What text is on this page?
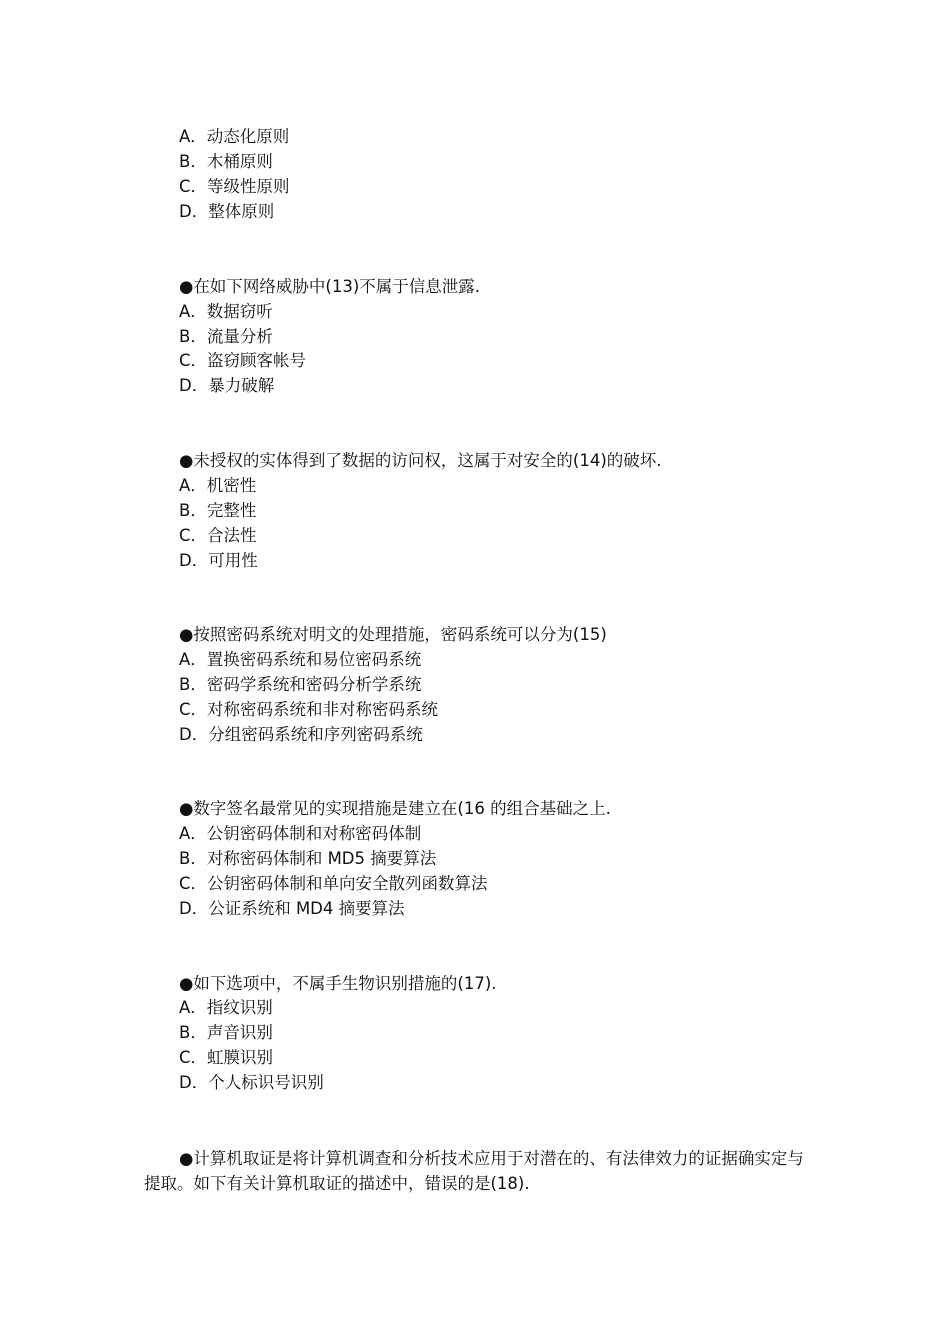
A．动态化原则
B．木桶原则
C．等级性原则
D．整体原则
●在如下网络威胁中(13)不属于信息泄露.
A．数据窃听
B．流量分析
C．盗窃顾客帐号
D．暴力破解
●未授权的实体得到了数据的访问权，这属于对安全的(14)的破坏.
A．机密性
B．完整性
C．合法性
D．可用性
●按照密码系统对明文的处理措施，密码系统可以分为(15)
A．置换密码系统和易位密码系统
B．密码学系统和密码分析学系统
C．对称密码系统和非对称密码系统
D．分组密码系统和序列密码系统
●数字签名最常见的实现措施是建立在(16 的组合基础之上.
A．公钥密码体制和对称密码体制
B．对称密码体制和 MD5 摘要算法
C．公钥密码体制和单向安全散列函数算法
D．公证系统和 MD4 摘要算法
●如下选项中，不属手生物识别措施的(17).
A．指纹识别
B．声音识别
C．虹膜识别
D．个人标识号识别
●计算机取证是将计算机调查和分析技术应用于对潜在的、有法律效力的证据确实定与提取。如下有关计算机取证的描述中，错误的是(18).
